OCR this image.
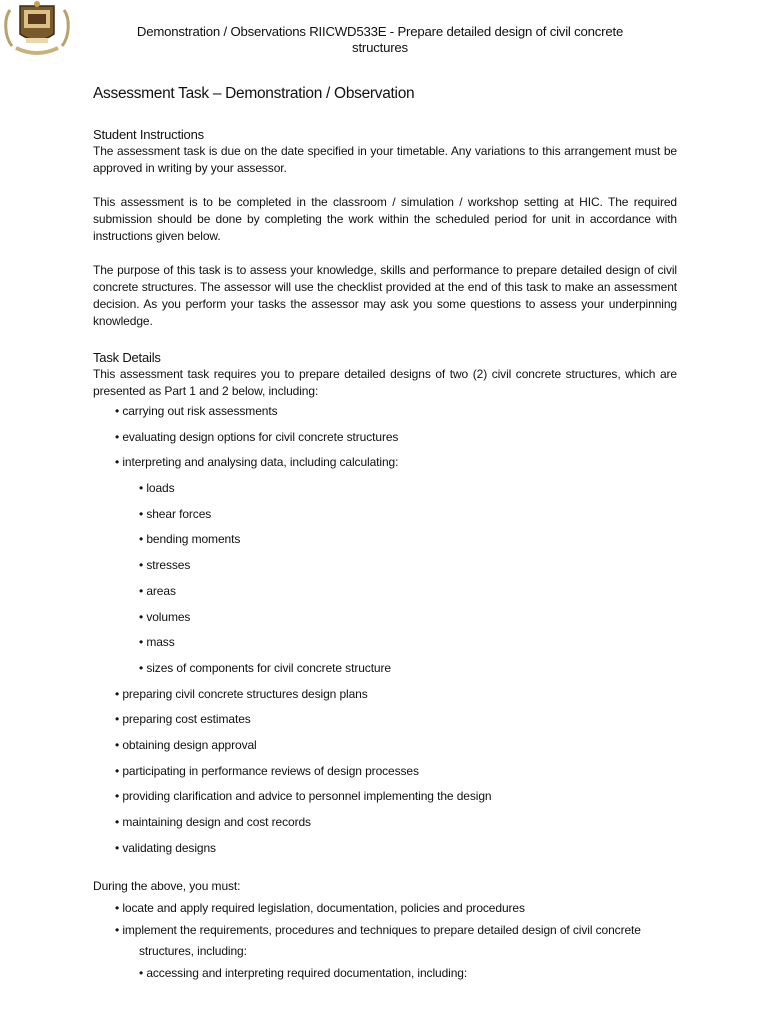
Demonstration / Observations RIICWD533E - Prepare detailed design of civil concrete
structures
Assessment Task – Demonstration / Observation
Student Instructions

The assessment task is due on the date specified in your timetable. Any variations to this arrangement must be approved in writing by your assessor.

This assessment is to be completed in the classroom / simulation / workshop setting at HIC. The required submission should be done by completing the work within the scheduled period for unit in accordance with instructions given below.

The purpose of this task is to assess your knowledge, skills and performance to prepare detailed design of civil concrete structures. The assessor will use the checklist provided at the end of this task to make an assessment decision. As you perform your tasks the assessor may ask you some questions to assess your underpinning knowledge.

Task Details

This assessment task requires you to prepare detailed designs of two (2) civil concrete structures, which are presented as Part 1 and 2 below, including:

• carrying out risk assessments
• evaluating design options for civil concrete structures
• interpreting and analysing data, including calculating:
• loads
• shear forces
• bending moments
• stresses
• areas
• volumes
• mass
• sizes of components for civil concrete structure
• preparing civil concrete structures design plans
• preparing cost estimates
• obtaining design approval
• participating in performance reviews of design processes
• providing clarification and advice to personnel implementing the design
• maintaining design and cost records
• validating designs

During the above, you must:

• locate and apply required legislation, documentation, policies and procedures
• implement the requirements, procedures and techniques to prepare detailed design of civil concrete
structures, including:
• accessing and interpreting required documentation, including:
